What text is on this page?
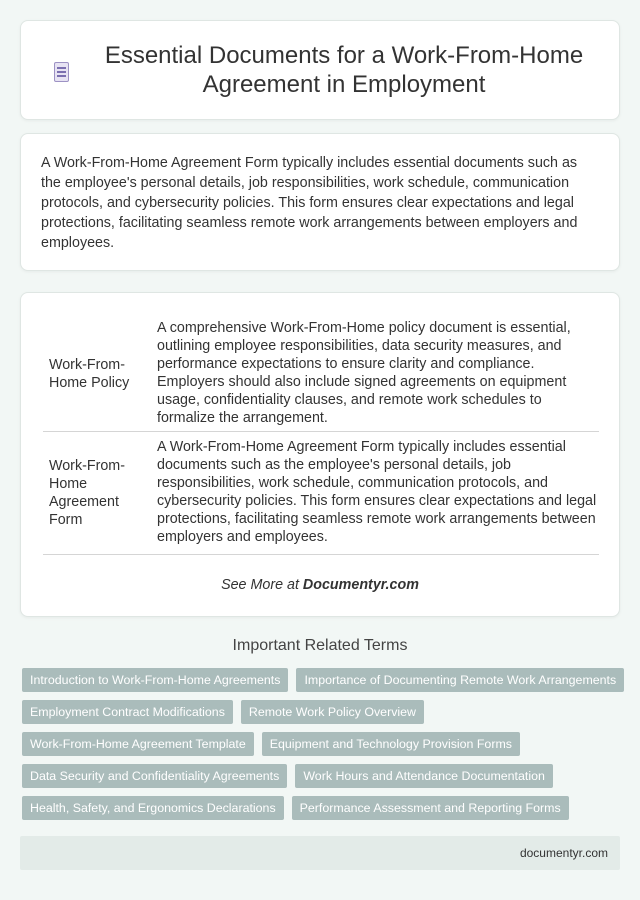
Essential Documents for a Work-From-Home Agreement in Employment

A Work-From-Home Agreement Form typically includes essential documents such as the employee's personal details, job responsibilities, work schedule, communication protocols, and cybersecurity policies. This form ensures clear expectations and legal protections, facilitating seamless remote work arrangements between employers and employees.

Work-From-Home Policy	A comprehensive Work-From-Home policy document is essential, outlining employee responsibilities, data security measures, and performance expectations to ensure clarity and compliance. Employers should also include signed agreements on equipment usage, confidentiality clauses, and remote work schedules to formalize the arrangement.
Work-From-Home Agreement Form	A Work-From-Home Agreement Form typically includes essential documents such as the employee's personal details, job responsibilities, work schedule, communication protocols, and cybersecurity policies. This form ensures clear expectations and legal protections, facilitating seamless remote work arrangements between employers and employees.
See More at Documentyr.com
Important Related Terms
Introduction to Work-From-Home Agreements	Importance of Documenting Remote Work Arrangements
Employment Contract Modifications	Remote Work Policy Overview
Work-From-Home Agreement Template	Equipment and Technology Provision Forms
Data Security and Confidentiality Agreements	Work Hours and Attendance Documentation
Health, Safety, and Ergonomics Declarations	Performance Assessment and Reporting Forms
documentyr.com
